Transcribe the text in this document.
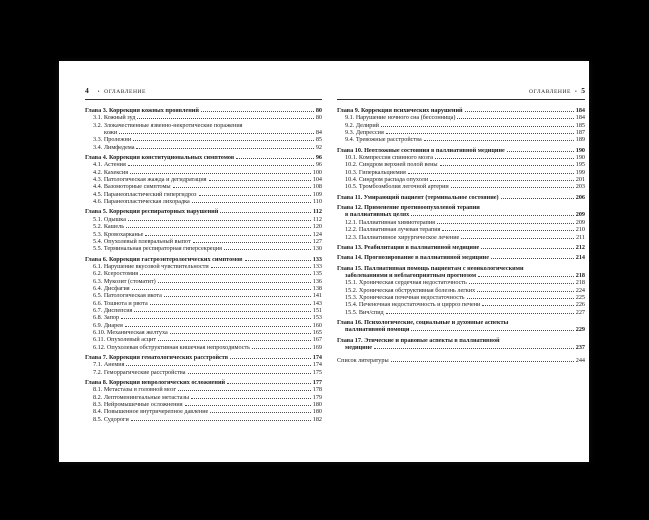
4 • ОГЛАВЛЕНИЕ
Глава 3. Коррекция кожных проявлений	80
3.1. Кожный зуд	80
3.2. Злокачественные язвенно-некротические поражения
кожи	84
3.3. Пролежни	85
3.4. Лимфедема	92
Глава 4. Коррекция конституциональных симптомов	96
4.1. Астения	96
4.2. Кахексия	100
4.3. Патологическая жажда и дегидратация	104
4.4. Вазомоторные симптомы	108
4.5. Паранеопластический гипергидроз	109
4.6. Паранеопластическая лихорадка	110
Глава 5. Коррекция респираторных нарушений	112
5.1. Одышка	112
5.2. Кашель	120
5.3. Кровохарканье	124
5.4. Опухолевый плевральный выпот	127
5.5. Терминальная респираторная гиперсекреция	130
Глава 6. Коррекция гастроэнтерологических симптомов	133
6.1. Нарушение вкусовой чувствительности	133
6.2. Ксеростомия	135
6.3. Мукозит (стоматит)	136
6.4. Дисфагия	138
6.5. Патологическая икота	141
6.6. Тошнота и рвота	143
6.7. Диспепсия	151
6.8. Запор	153
6.9. Диарея	160
6.10. Механическая желтуха	165
6.11. Опухолевый асцит	167
6.12. Опухолевая обструктивная кишечная непроходимость	169
Глава 7. Коррекция гематологических расстройств	174
7.1. Анемия	174
7.2. Геморрагические расстройства	175
Глава 8. Коррекция неврологических осложнений	177
8.1. Метастазы в головной мозг	178
8.2. Лептоменингеальные метастазы	179
8.3. Нейромышечные осложнения	180
8.4. Повышенное внутричерепное давление	180
8.5. Судороги	182
ОГЛАВЛЕНИЕ • 5
Глава 9. Коррекция психических нарушений	184
9.1. Нарушение ночного сна (бессонница)	184
9.2. Делирий	185
9.3. Депрессия	187
9.4. Тревожные расстройства	189
Глава 10. Неотложные состояния в паллиативной медицине	190
10.1. Компрессия спинного мозга	190
10.2. Синдром верхней полой вены	195
10.3. Гиперкальциемия	199
10.4. Синдром распада опухоли	201
10.5. Тромбоэмболия легочной артерии	203
Глава 11. Умирающий пациент (терминальное состояние)	206
Глава 12. Применение противоопухолевой терапии
в паллиативных целях	209
12.1. Паллиативная химиотерапия	209
12.2. Паллиативная лучевая терапия	210
12.3. Паллиативное хирургическое лечение	211
Глава 13. Реабилитация в паллиативной медицине	212
Глава 14. Прогнозирование в паллиативной медицине	214
Глава 15. Паллиативная помощь пациентам с неонкологическими
заболеваниями и неблагоприятным прогнозом	218
15.1. Хроническая сердечная недостаточность	218
15.2. Хроническая обструктивная болезнь легких	224
15.3. Хроническая почечная недостаточность	225
15.4. Печеночная недостаточность и цирроз печени	226
15.5. Вич/спид	227
Глава 16. Психологические, социальные и духовные аспекты
паллиативной помощи	229
Глава 17. Этические и правовые аспекты в паллиативной
медицине	237
Список литературы	244
